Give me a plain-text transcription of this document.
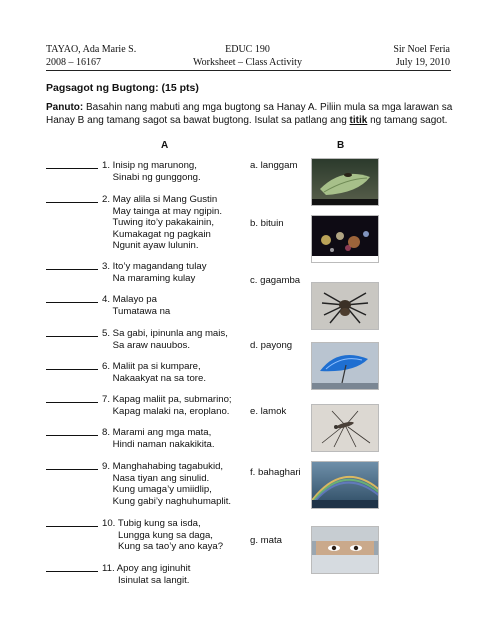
TAYAO, Ada Marie S.
2008 – 16167
EDUC 190
Worksheet – Class Activity
Sir Noel Feria
July 19, 2010
Pagsagot ng Bugtong: (15 pts)
Panuto: Basahin nang mabuti ang mga bugtong sa Hanay A. Piliin mula sa mga larawan sa Hanay B ang tamang sagot sa bawat bugtong. Isulat sa patlang ang titik ng tamang sagot.
A	B
1. Inisip ng marunong,
Sinabi ng gunggong.
2. May alila si Mang Gustin
May tainga at may ngipin.
Tuwing ito’y pakakainin,
Kumakagat ng pagkain
Ngunit ayaw lulunin.
3. Ito’y magandang tulay
Na maraming kulay
4. Malayo pa
Tumatawa na
5. Sa gabi, ipinunla ang mais,
Sa araw nauubos.
6. Maliit pa si kumpare,
Nakaakyat na sa tore.
7. Kapag maliit pa, submarino;
Kapag malaki na, eroplano.
8. Marami ang mga mata,
Hindi naman nakakikita.
9. Manghahabing tagabukid,
Nasa tiyan ang sinulid.
Kung umaga’y umiidlip,
Kung gabi’y naghuhumaplit.
10. Tubig kung sa isda,
Lungga kung sa daga,
Kung sa tao’y ano kaya?
11. Apoy ang iginuhit
Isinulat sa langit.
a. langgam
b. bituin
c. gagamba
d. payong
e. lamok
f. bahaghari
g. mata
